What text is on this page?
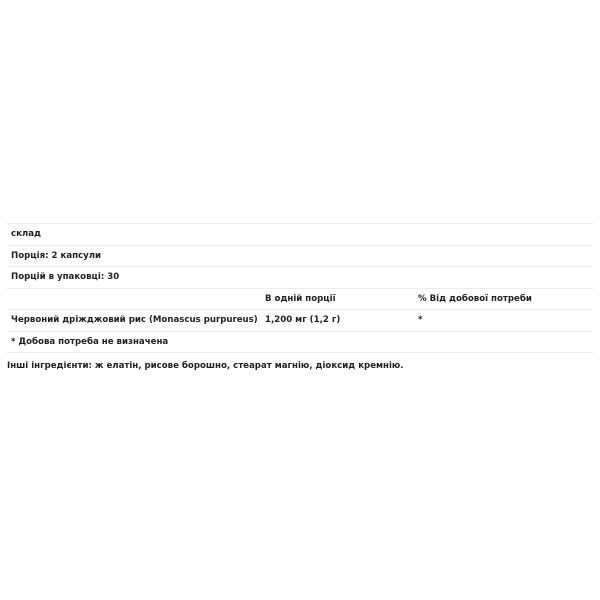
склад
Порція: 2 капсули
Порцій в упаковці: 30
В одній порції	% Від добової потреби
Червоний дріжджовий рис (Monascus purpureus) 1,200 мг (1,2 г)	*
* Добова потреба не визначена
Інші інгредієнти: ж елатін, рисове борошно, стеарат магнію, діоксид кремнію.
